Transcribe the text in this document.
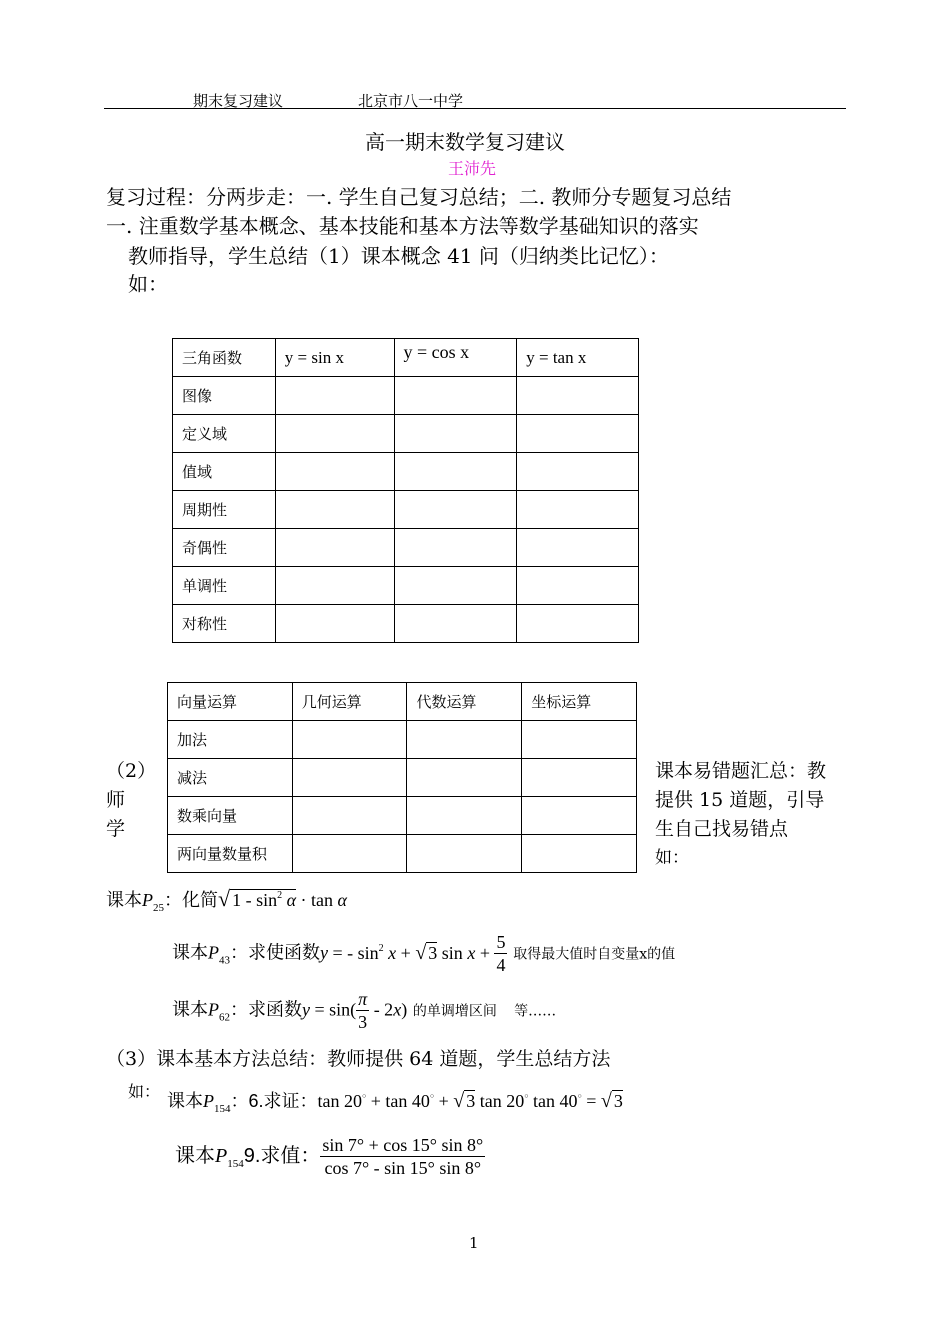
期末复习建议	北京市八一中学
高一期末数学复习建议
王沛先
复习过程：分两步走：一. 学生自己复习总结；二. 教师分专题复习总结
一. 注重数学基本概念、基本技能和基本方法等数学基础知识的落实
教师指导，学生总结（1）课本概念 41 问（归纳类比记忆）：
如：
三角函数	y = sin x	y = cos x	y = tan x
图像			
定义域			
值域			
周期性			
奇偶性			
单调性			
对称性			
向量运算	几何运算	代数运算	坐标运算
加法			
减法			
数乘向量			
两向量数量积			
（2）
师
学
课本易错题汇总：教
提供 15 道题，引导
生自己找易错点
如：
课本$P_{25}$：化简√ $1 - \sin^2 \alpha \cdot \tan \alpha$
课本$P_{43}$：求使函数y = - $\sin^2 x$ + √ 3 $\sin x + \frac{5}{4}$ 取得最大值时自变量x的值
课本$P_{62}$：求函数$y = \sin( \frac{\pi}{3} - 2x)$ 的单调增区间 等……
（3）课本基本方法总结：教师提供 64 道题，学生总结方法
如： 课本$P_{154}$：6.求证：tan 20○ + tan 40○ + √ 3 tan 20○ tan 40○ = √ 3
课本$P_{154}9$.求值： $\frac{\sin 7^\circ + \cos 15^\circ \sin 8^\circ}{\cos 7^\circ - \sin 15^\circ \sin 8^\circ}$
1
